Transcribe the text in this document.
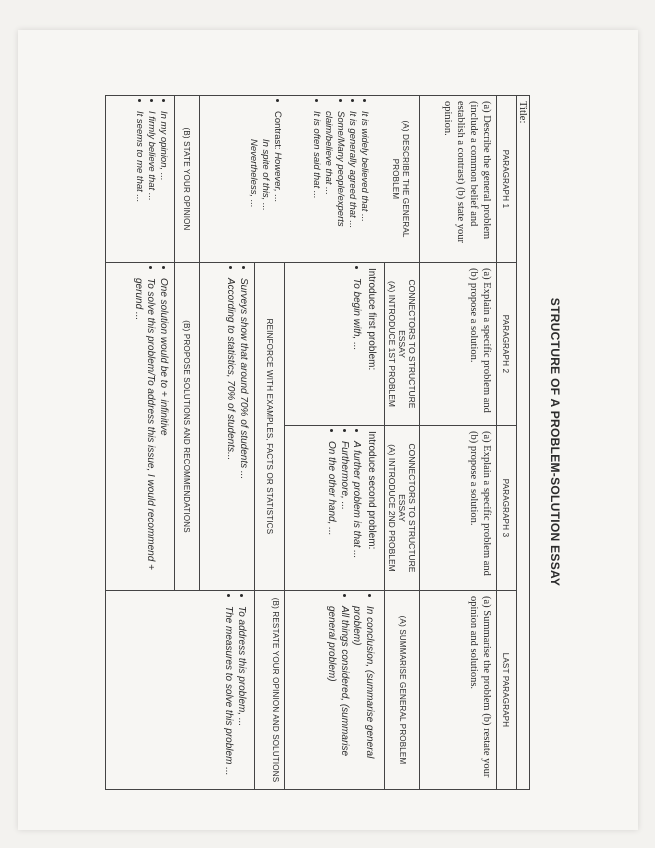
STRUCTURE OF A PROBLEM-SOLUTION ESSAY
Title:
PARAGRAPH 1
PARAGRAPH 2
PARAGRAPH 3
LAST PARAGRAPH
(a) Describe the general problem (include a common belief and establish a contrast) (b) state your opinion.
(a) Explain a specific problem and (b) propose a solution.
(a) Explain a specific problem and (b) propose a solution.
(a) Summarise the problem (b) restate your opinion and solutions.
(A) DESCRIBE THE GENERAL PROBLEM
• It is widely believed that ...
• It is generally agreed that ...
• Some/Many people/experts claim/believe that ...
• It is often said that ...
• Contrast: However, ...
In spite of this, ...
Nevertheless, ...
(B) STATE YOUR OPINION
• In my opinion, ...
• I firmly believe that ...
• It seems to me that ...
CONNECTORS TO STRUCTURE ESSAY
(A) INTRODUCE 1ST PROBLEM
Introduce first problem:
• To begin with, ...
CONNECTORS TO STRUCTURE ESSAY
(A) INTRODUCE 2ND PROBLEM
Introduce second problem:
• A further problem is that ...
• Furthermore, ...
• On the other hand, ...
REINFORCE WITH EXAMPLES, FACTS OR STATISTICS
• Surveys show that around 70% of students ...
• According to statistics, 70% of students...
(B) PROPOSE SOLUTIONS AND RECOMMENDATIONS
• One solution would be to + infinitive
• To solve this problem/To address this issue, I would recommend + gerund ...
(A) SUMMARISE GENERAL PROBLEM
• In conclusion, (summarise general problem)
• All things considered, (summarise general problem)
(B) RESTATE YOUR OPINION AND SOLUTIONS
• To address this problem, ...
• The measures to solve this problem ...
